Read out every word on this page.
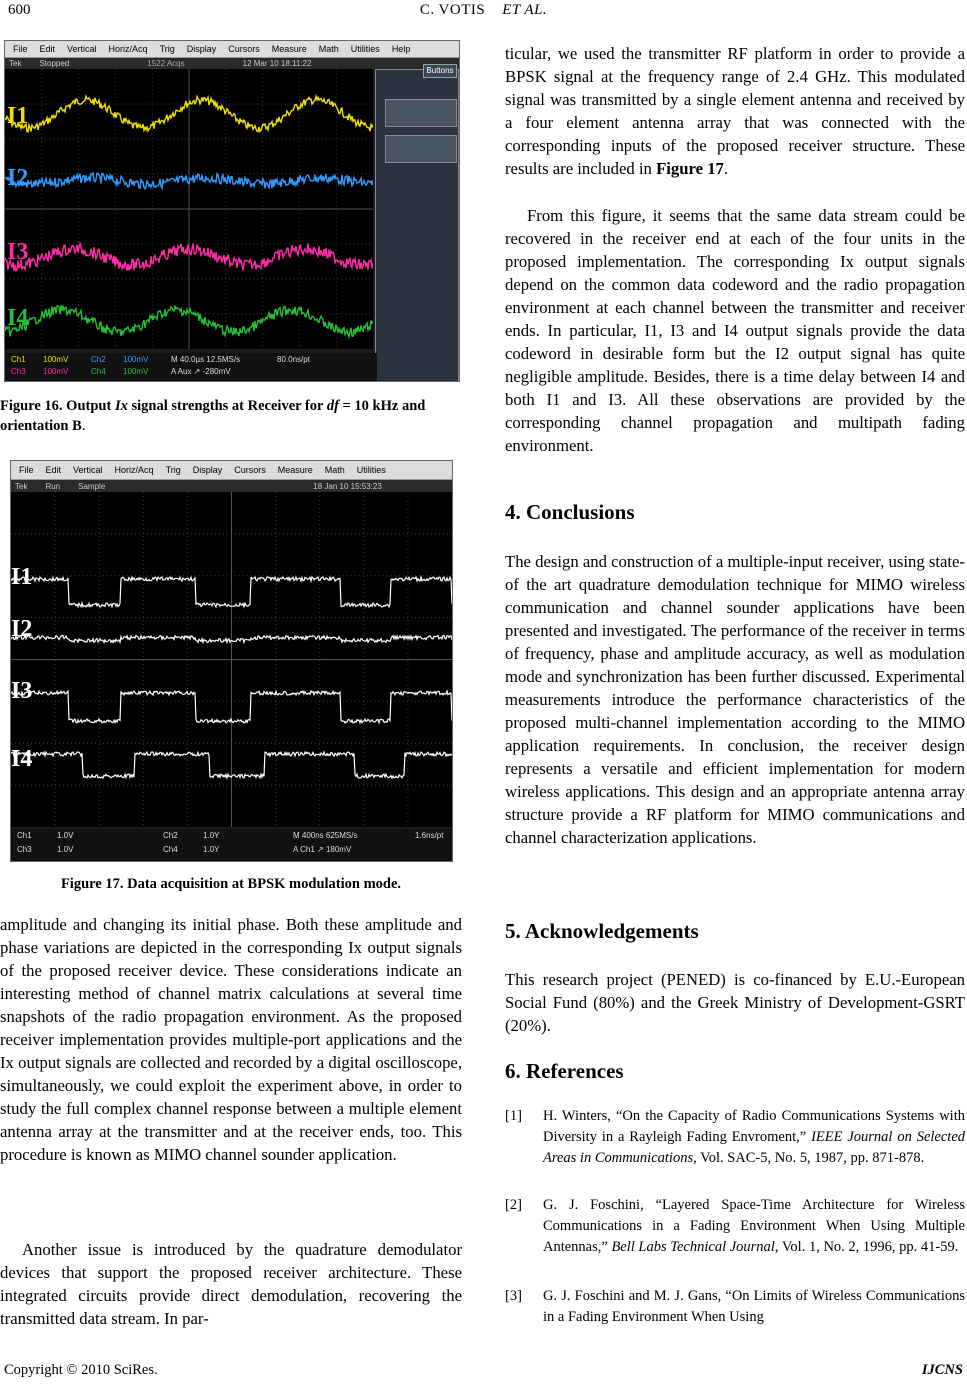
600	C. VOTIS ET AL.
File Edit Vertical Horiz/Acq Trig Display Cursors Measure Math Utilities Help
Tek Stopped	1522 Acqs	12 Mar 10 18:11:22
I1
I2
I3
I4
Buttons
Ch1	100mV	Ch2	100mV	M 40.0µs 12.5MS/s	80.0ns/pt
Ch3	100mV	Ch4	100mV	A Aux ↗ -280mV
Figure 16. Output Ix signal strengths at Receiver for df = 10 kHz and orientation B.
File Edit Vertical Horiz/Acq Trig Display Cursors Measure Math Utilities
Tek Run Sample	18 Jan 10 15:53:23
I1
I2
I3
I4
Ch1	1.0V	Ch2	1.0Y	M 400ns 625MS/s	1.6ns/pt
Ch3	1.0V	Ch4	1.0Y	A Ch1 ↗ 180mV
Figure 17. Data acquisition at BPSK modulation mode.

amplitude and changing its initial phase. Both these amplitude and phase variations are depicted in the corresponding Ix output signals of the proposed receiver device. These considerations indicate an interesting method of channel matrix calculations at several time snapshots of the radio propagation environment. As the proposed receiver implementation provides multiple-port applications and the Ix output signals are collected and recorded by a digital oscilloscope, simultaneously, we could exploit the experiment above, in order to study the full complex channel response between a multiple element antenna array at the transmitter and at the receiver ends, too. This procedure is known as MIMO channel sounder application.

Another issue is introduced by the quadrature demodulator devices that support the proposed receiver architecture. These integrated circuits provide direct demodulation, recovering the transmitted data stream. In par-

ticular, we used the transmitter RF platform in order to provide a BPSK signal at the frequency range of 2.4 GHz. This modulated signal was transmitted by a single element antenna and received by a four element antenna array that was connected with the corresponding inputs of the proposed receiver structure. These results are included in Figure 17.

From this figure, it seems that the same data stream could be recovered in the receiver end at each of the four units in the proposed implementation. The corresponding Ix output signals depend on the common data codeword and the radio propagation environment at each channel between the transmitter and receiver ends. In particular, I1, I3 and I4 output signals provide the data codeword in desirable form but the I2 output signal has quite negligible amplitude. Besides, there is a time delay between I4 and both I1 and I3. All these observations are provided by the corresponding channel propagation and multipath fading environment.

4. Conclusions

The design and construction of a multiple-input receiver, using state-of the art quadrature demodulation technique for MIMO wireless communication and channel sounder applications have been presented and investigated. The performance of the receiver in terms of frequency, phase and amplitude accuracy, as well as modulation mode and synchronization has been further discussed. Experimental measurements introduce the performance characteristics of the proposed multi-channel implementation according to the MIMO application requirements. In conclusion, the receiver design represents a versatile and efficient implementation for modern wireless applications. This design and an appropriate antenna array structure provide a RF platform for MIMO communications and channel characterization applications.

5. Acknowledgements

This research project (PENED) is co-financed by E.U.-European Social Fund (80%) and the Greek Ministry of Development-GSRT (20%).

6. References
[1]	H. Winters, “On the Capacity of Radio Communications Systems with Diversity in a Rayleigh Fading Envroment,” IEEE Journal on Selected Areas in Communications, Vol. SAC-5, No. 5, 1987, pp. 871-878.
[2]	G. J. Foschini, “Layered Space-Time Architecture for Wireless Communications in a Fading Environment When Using Multiple Antennas,” Bell Labs Technical Journal, Vol. 1, No. 2, 1996, pp. 41-59.
[3]	G. J. Foschini and M. J. Gans, “On Limits of Wireless Communications in a Fading Environment When Using
Copyright © 2010 SciRes.	IJCNS
